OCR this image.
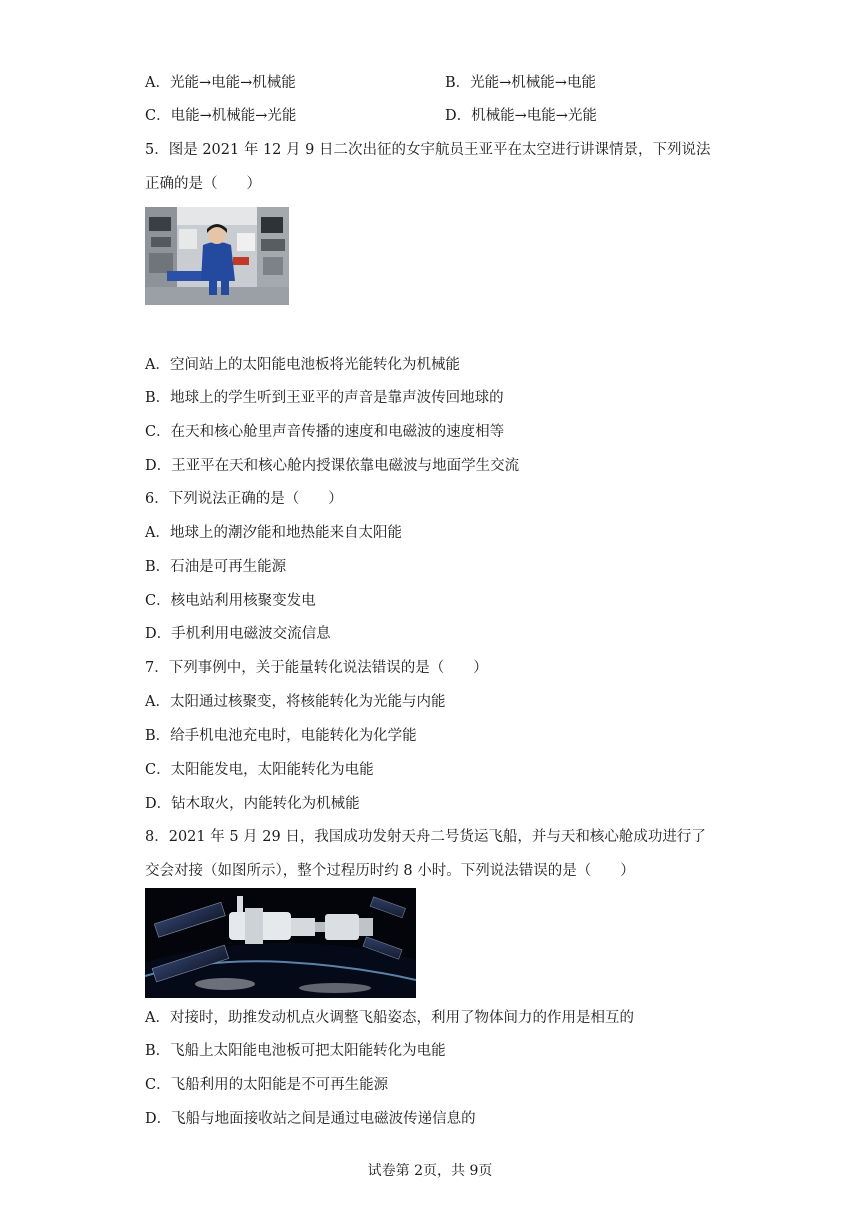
A．光能→电能→机械能	B．光能→机械能→电能
C．电能→机械能→光能	D．机械能→电能→光能
5．图是 2021 年 12 月 9 日二次出征的女宇航员王亚平在太空进行讲课情景，下列说法
正确的是（　　）
A．空间站上的太阳能电池板将光能转化为机械能
B．地球上的学生听到王亚平的声音是靠声波传回地球的
C．在天和核心舱里声音传播的速度和电磁波的速度相等
D．王亚平在天和核心舱内授课依靠电磁波与地面学生交流
6．下列说法正确的是（　　）
A．地球上的潮汐能和地热能来自太阳能
B．石油是可再生能源
C．核电站利用核聚变发电
D．手机利用电磁波交流信息
7．下列事例中，关于能量转化说法错误的是（　　）
A．太阳通过核聚变，将核能转化为光能与内能
B．给手机电池充电时，电能转化为化学能
C．太阳能发电，太阳能转化为电能
D．钻木取火，内能转化为机械能
8．2021 年 5 月 29 日，我国成功发射天舟二号货运飞船，并与天和核心舱成功进行了
交会对接（如图所示），整个过程历时约 8 小时。下列说法错误的是（　　）
A．对接时，助推发动机点火调整飞船姿态，利用了物体间力的作用是相互的
B．飞船上太阳能电池板可把太阳能转化为电能
C．飞船利用的太阳能是不可再生能源
D．飞船与地面接收站之间是通过电磁波传递信息的
试卷第 2页，共 9页
